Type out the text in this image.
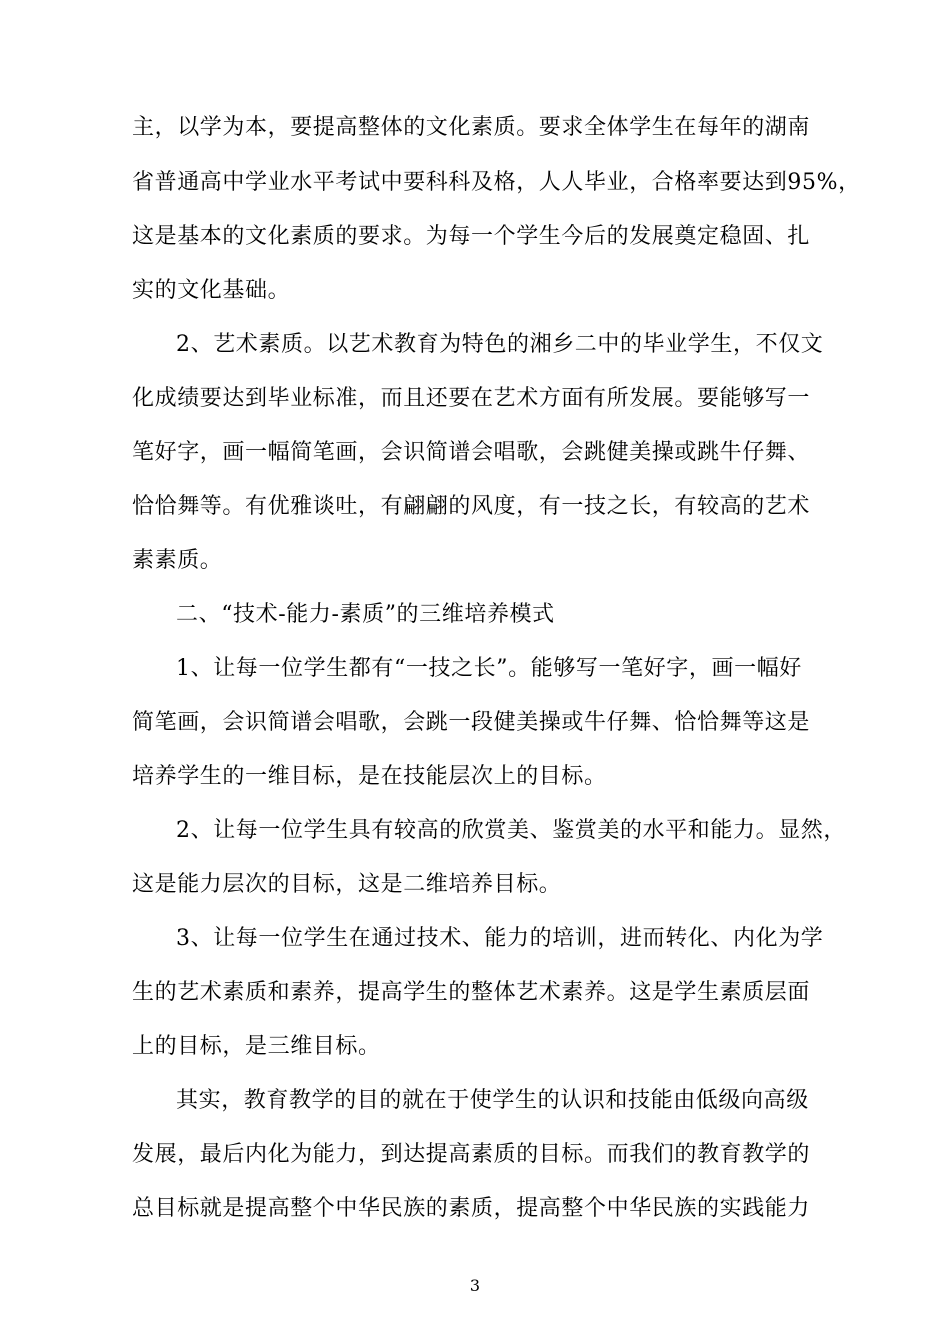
主，以学为本，要提高整体的文化素质。要求全体学生在每年的湖南
省普通高中学业水平考试中要科科及格，人人毕业，合格率要达到95%，
这是基本的文化素质的要求。为每一个学生今后的发展奠定稳固、扎
实的文化基础。
2、艺术素质。以艺术教育为特色的湘乡二中的毕业学生，不仅文
化成绩要达到毕业标准，而且还要在艺术方面有所发展。要能够写一
笔好字，画一幅简笔画，会识简谱会唱歌，会跳健美操或跳牛仔舞、
恰恰舞等。有优雅谈吐，有翩翩的风度，有一技之长，有较高的艺术
素素质。
二、“技术-能力-素质”的三维培养模式
1、让每一位学生都有“一技之长”。能够写一笔好字，画一幅好
简笔画，会识简谱会唱歌，会跳一段健美操或牛仔舞、恰恰舞等这是
培养学生的一维目标，是在技能层次上的目标。
2、让每一位学生具有较高的欣赏美、鉴赏美的水平和能力。显然，
这是能力层次的目标，这是二维培养目标。
3、让每一位学生在通过技术、能力的培训，进而转化、内化为学
生的艺术素质和素养，提高学生的整体艺术素养。这是学生素质层面
上的目标，是三维目标。
其实，教育教学的目的就在于使学生的认识和技能由低级向高级
发展，最后内化为能力，到达提高素质的目标。而我们的教育教学的
总目标就是提高整个中华民族的素质，提高整个中华民族的实践能力
3
